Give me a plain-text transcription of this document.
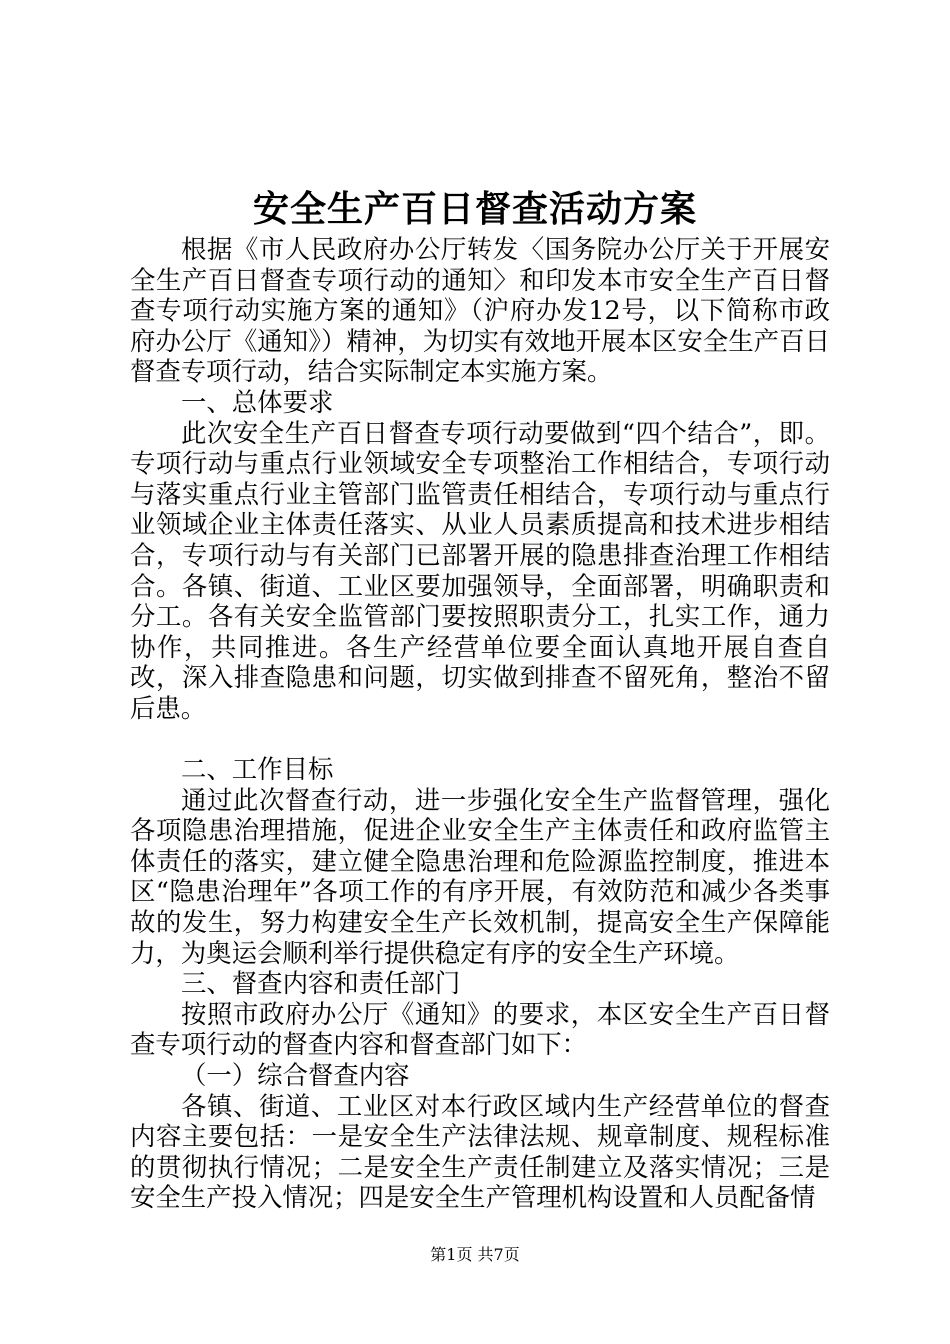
安全生产百日督查活动方案

根据《市人民政府办公厅转发〈国务院办公厅关于开展安全生产百日督查专项行动的通知〉和印发本市安全生产百日督查专项行动实施方案的通知》（沪府办发12号，以下简称市政府办公厅《通知》）精神，为切实有效地开展本区安全生产百日督查专项行动，结合实际制定本实施方案。

一、总体要求

此次安全生产百日督查专项行动要做到“四个结合”，即。专项行动与重点行业领域安全专项整治工作相结合，专项行动与落实重点行业主管部门监管责任相结合，专项行动与重点行业领域企业主体责任落实、从业人员素质提高和技术进步相结合，专项行动与有关部门已部署开展的隐患排查治理工作相结合。各镇、街道、工业区要加强领导，全面部署，明确职责和分工。各有关安全监管部门要按照职责分工，扎实工作，通力协作，共同推进。各生产经营单位要全面认真地开展自查自改，深入排查隐患和问题，切实做到排查不留死角，整治不留后患。

二、工作目标

通过此次督查行动，进一步强化安全生产监督管理，强化各项隐患治理措施，促进企业安全生产主体责任和政府监管主体责任的落实，建立健全隐患治理和危险源监控制度，推进本区“隐患治理年”各项工作的有序开展，有效防范和减少各类事故的发生，努力构建安全生产长效机制，提高安全生产保障能力，为奥运会顺利举行提供稳定有序的安全生产环境。

三、督查内容和责任部门

按照市政府办公厅《通知》的要求，本区安全生产百日督查专项行动的督查内容和督查部门如下：

（一）综合督查内容

各镇、街道、工业区对本行政区域内生产经营单位的督查内容主要包括：一是安全生产法律法规、规章制度、规程标准的贯彻执行情况；二是安全生产责任制建立及落实情况；三是安全生产投入情况；四是安全生产管理机构设置和人员配备情

第1页 共7页
